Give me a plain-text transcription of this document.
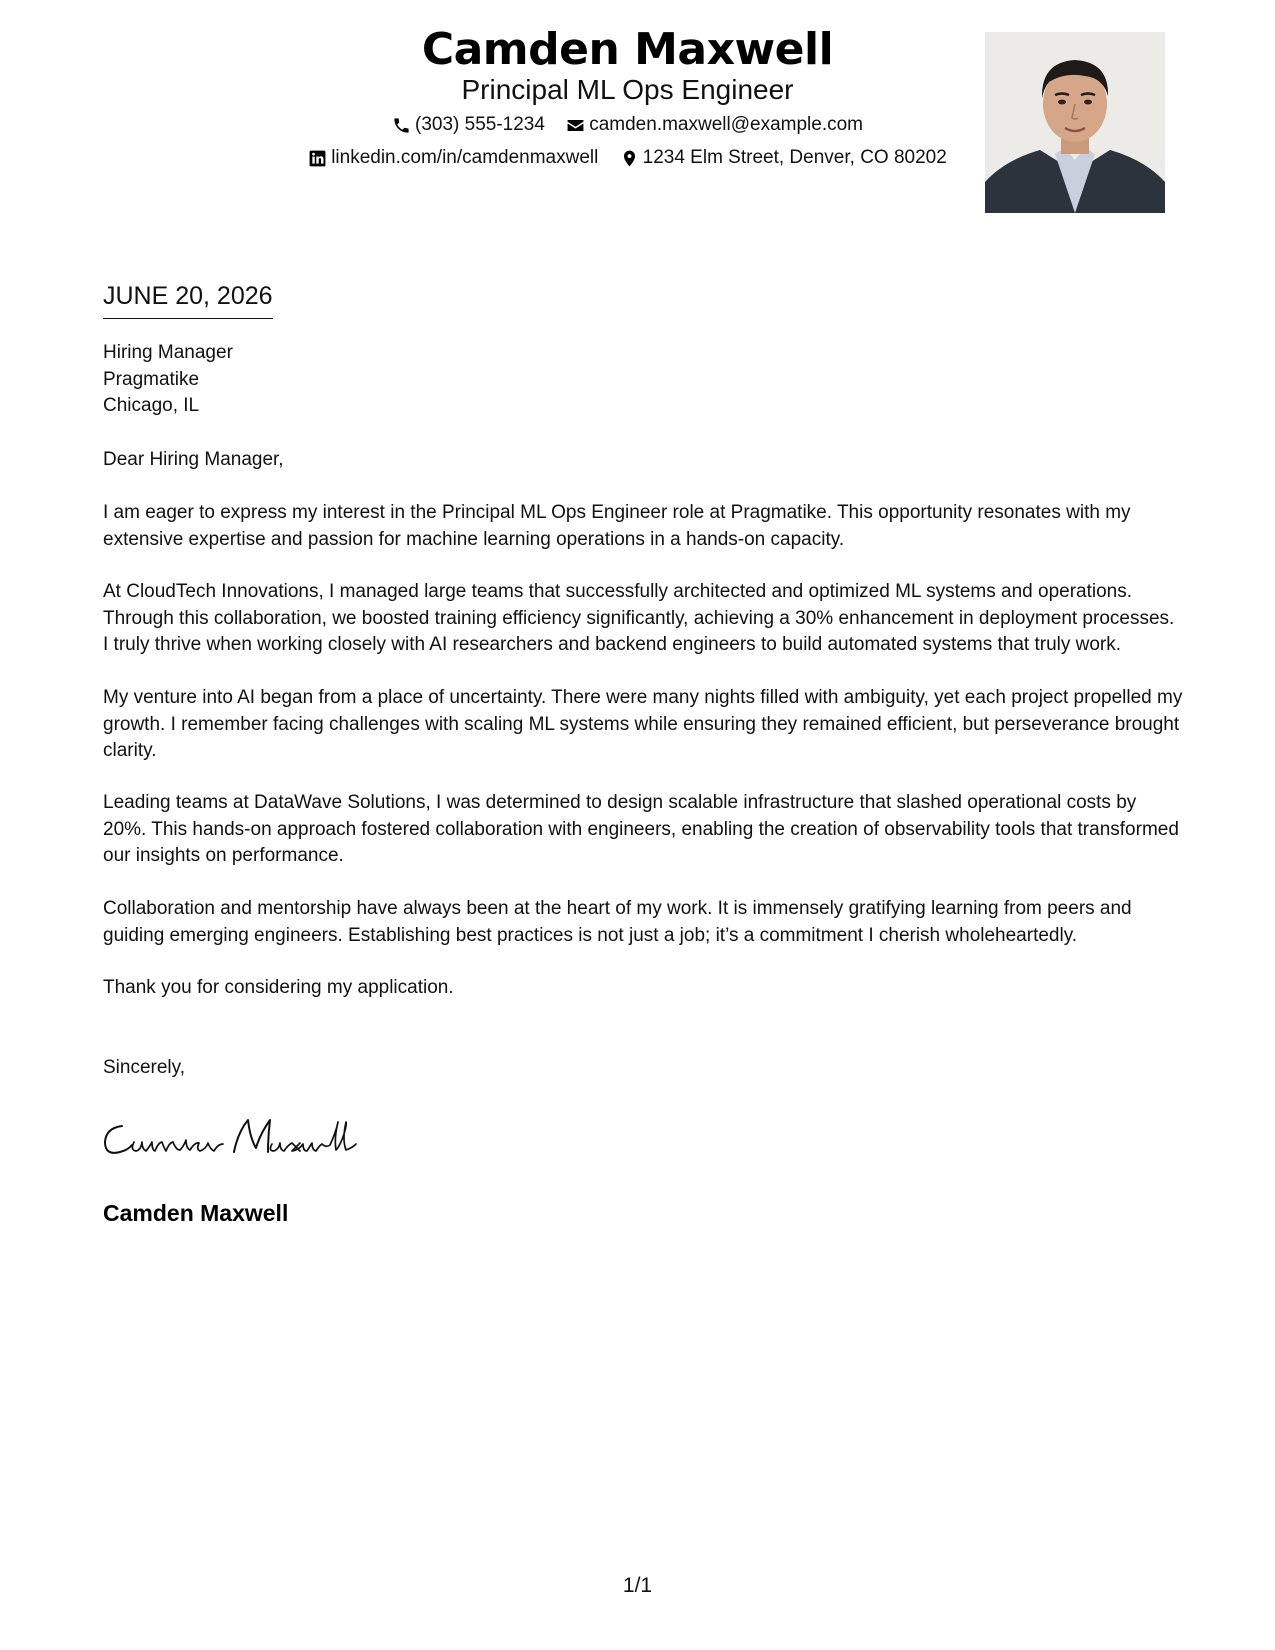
Camden Maxwell
Principal ML Ops Engineer
(303) 555-1234
camden.maxwell@example.com
linkedin.com/in/camdenmaxwell
1234 Elm Street, Denver, CO 80202
JUNE 20, 2026
Hiring Manager
Pragmatike
Chicago, IL
Dear Hiring Manager,
I am eager to express my interest in the Principal ML Ops Engineer role at Pragmatike. This opportunity resonates with my extensive expertise and passion for machine learning operations in a hands-on capacity.
At CloudTech Innovations, I managed large teams that successfully architected and optimized ML systems and operations. Through this collaboration, we boosted training efficiency significantly, achieving a 30% enhancement in deployment processes. I truly thrive when working closely with AI researchers and backend engineers to build automated systems that truly work.
My venture into AI began from a place of uncertainty. There were many nights filled with ambiguity, yet each project propelled my growth. I remember facing challenges with scaling ML systems while ensuring they remained efficient, but perseverance brought clarity.
Leading teams at DataWave Solutions, I was determined to design scalable infrastructure that slashed operational costs by 20%. This hands-on approach fostered collaboration with engineers, enabling the creation of observability tools that transformed our insights on performance.
Collaboration and mentorship have always been at the heart of my work. It is immensely gratifying learning from peers and guiding emerging engineers. Establishing best practices is not just a job; it’s a commitment I cherish wholeheartedly.
Thank you for considering my application.
Sincerely,
Camden Maxwell
1/1
